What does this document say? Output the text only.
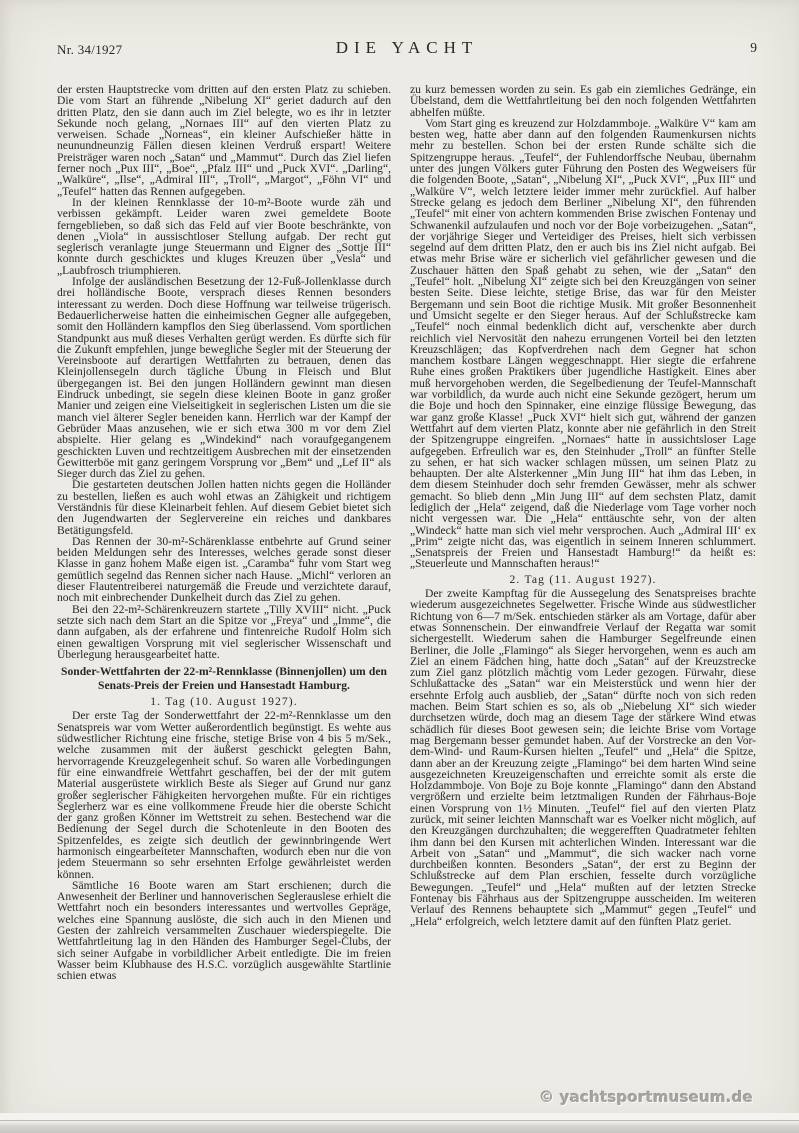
Nr. 34/1927	DIE YACHT	9

der ersten Hauptstrecke vom dritten auf den ersten Platz zu schieben. Die vom Start an führende „Nibelung XI“ geriet dadurch auf den dritten Platz, den sie dann auch im Ziel belegte, wo es ihr in letzter Sekunde noch gelang, „Nornaes III“ auf den vierten Platz zu verweisen. Schade „Norneas“, ein kleiner Aufschießer hätte in neunundneunzig Fällen diesen kleinen Verdruß erspart! Weitere Preisträger waren noch „Satan“ und „Mammut“. Durch das Ziel liefen ferner noch „Pux III“, „Boe“, „Pfalz III“ und „Puck XVI“. „Darling“, „Walküre“, „Ilse“, „Admiral III“, „Troll“, „Margot“, „Föhn VI“ und „Teufel“ hatten das Rennen aufgegeben.

In der kleinen Rennklasse der 10-m²-Boote wurde zäh und verbissen gekämpft. Leider waren zwei gemeldete Boote ferngeblieben, so daß sich das Feld auf vier Boote beschränkte, von denen „Viola“ in aussischtloser Stellung aufgab. Der recht gut seglerisch veranlagte junge Steuermann und Eigner des „Sottje III“ konnte durch geschicktes und kluges Kreuzen über „Vesla“ und „Laubfrosch triumphieren.

Infolge der ausländischen Besetzung der 12-Fuß-Jollenklasse durch drei holländische Boote, versprach dieses Rennen besonders interessant zu werden. Doch diese Hoffnung war teilweise trügerisch. Bedauerlicherweise hatten die einheimischen Gegner alle aufgegeben, somit den Holländern kampflos den Sieg überlassend. Vom sportlichen Standpunkt aus muß dieses Verhalten gerügt werden. Es dürfte sich für die Zukunft empfehlen, junge bewegliche Segler mit der Steuerung der Vereinsboote auf derartigen Wettfahrten zu betrauen, denen das Kleinjollensegeln durch tägliche Übung in Fleisch und Blut übergegangen ist. Bei den jungen Holländern gewinnt man diesen Eindruck unbedingt, sie segeln diese kleinen Boote in ganz großer Manier und zeigen eine Vielseitigkeit in seglerischen Listen um die sie manch viel älterer Segler beneiden kann. Herrlich war der Kampf der Gebrüder Maas anzusehen, wie er sich etwa 300 m vor dem Ziel abspielte. Hier gelang es „Windekind“ nach voraufgegangenem geschickten Luven und rechtzeitigem Ausbrechen mit der einsetzenden Gewitterböe mit ganz geringem Vorsprung vor „Bem“ und „Lef II“ als Sieger durch das Ziel zu gehen.

Die gestarteten deutschen Jollen hatten nichts gegen die Holländer zu bestellen, ließen es auch wohl etwas an Zähigkeit und richtigem Verständnis für diese Kleinarbeit fehlen. Auf diesem Gebiet bietet sich den Jugendwarten der Seglervereine ein reiches und dankbares Betätigungsfeld.

Das Rennen der 30-m²-Schärenklasse entbehrte auf Grund seiner beiden Meldungen sehr des Interesses, welches gerade sonst dieser Klasse in ganz hohem Maße eigen ist. „Caramba“ fuhr vom Start weg gemütlich segelnd das Rennen sicher nach Hause. „Michl“ verloren an dieser Flautentreiberei naturgemäß die Freude und verzichtete darauf, noch mit einbrechender Dunkelheit durch das Ziel zu gehen.

Bei den 22-m²-Schärenkreuzern startete „Tilly XVIII“ nicht. „Puck setzte sich nach dem Start an die Spitze vor „Freya“ und „Imme“, die dann aufgaben, als der erfahrene und fintenreiche Rudolf Holm sich einen gewaltigen Vorsprung mit viel seglerischer Wissenschaft und Überlegung herausgearbeitet hatte.

Sonder-Wettfahrten der 22-m²-Rennklasse (Binnenjollen) um den Senats-Preis der Freien und Hansestadt Hamburg.
1. Tag (10. August 1927).

Der erste Tag der Sonderwettfahrt der 22-m²-Rennklasse um den Senatspreis war vom Wetter außerordentlich begünstigt. Es wehte aus südwestlicher Richtung eine frische, stetige Brise von 4 bis 5 m/Sek., welche zusammen mit der äußerst geschickt gelegten Bahn, hervorragende Kreuzgelegenheit schuf. So waren alle Vorbedingungen für eine einwandfreie Wettfahrt geschaffen, bei der der mit gutem Material ausgerüstete wirklich Beste als Sieger auf Grund nur ganz großer seglerischer Fähigkeiten hervorgehen mußte. Für ein richtiges Seglerherz war es eine vollkommene Freude hier die oberste Schicht der ganz großen Könner im Wettstreit zu sehen. Bestechend war die Bedienung der Segel durch die Schotenleute in den Booten des Spitzenfeldes, es zeigte sich deutlich der gewinnbringende Wert harmonisch eingearbeiteter Mannschaften, wodurch eben nur die von jedem Steuermann so sehr ersehnten Erfolge gewährleistet werden können.

Sämtliche 16 Boote waren am Start erschienen; durch die Anwesenheit der Berliner und hannoverischen Seglerauslese erhielt die Wettfahrt noch ein besonders interessantes und wertvolles Gepräge, welches eine Spannung auslöste, die sich auch in den Mienen und Gesten der zahlreich versammelten Zuschauer wiederspiegelte. Die Wettfahrtleitung lag in den Händen des Hamburger Segel-Clubs, der sich seiner Aufgabe in vorbildlicher Arbeit entledigte. Die im freien Wasser beim Klubhause des H.S.C. vorzüglich ausgewählte Startlinie schien etwas

zu kurz bemessen worden zu sein. Es gab ein ziemliches Gedränge, ein Übelstand, dem die Wettfahrtleitung bei den noch folgenden Wettfahrten abhelfen müßte.

Vom Start ging es kreuzend zur Holzdammboje. „Walküre V“ kam am besten weg, hatte aber dann auf den folgenden Raumenkursen nichts mehr zu bestellen. Schon bei der ersten Runde schälte sich die Spitzengruppe heraus. „Teufel“, der Fuhlendorffsche Neubau, übernahm unter des jungen Völkers guter Führung den Posten des Wegweisers für die folgenden Boote, „Satan“, „Nibelung XI“, „Puck XVI“, „Pux III“ und „Walküre V“, welch letztere leider immer mehr zurückfiel. Auf halber Strecke gelang es jedoch dem Berliner „Nibelung XI“, den führenden „Teufel“ mit einer von achtern kommenden Brise zwischen Fontenay und Schwanenkil aufzulaufen und noch vor der Boje vorbeizugehen. „Satan“, der vorjährige Sieger und Verteidiger des Preises, hielt sich verbissen segelnd auf dem dritten Platz, den er auch bis ins Ziel nicht aufgab. Bei etwas mehr Brise wäre er sicherlich viel gefährlicher gewesen und die Zuschauer hätten den Spaß gehabt zu sehen, wie der „Satan“ den „Teufel“ holt. „Nibelung XI“ zeigte sich bei den Kreuzgängen von seiner besten Seite. Diese leichte, stetige Brise, das war für den Meister Bergemann und sein Boot die richtige Musik. Mit großer Besonnenheit und Umsicht segelte er den Sieger heraus. Auf der Schlußstrecke kam „Teufel“ noch einmal bedenklich dicht auf, verschenkte aber durch reichlich viel Nervosität den nahezu errungenen Vorteil bei den letzten Kreuzschlägen; das Kopfverdrehen nach dem Gegner hat schon manchem kostbare Längen weggeschnappt. Hier siegte die erfahrene Ruhe eines großen Praktikers über jugendliche Hastigkeit. Eines aber muß hervorgehoben werden, die Segelbedienung der Teufel-Mannschaft war vorbildlich, da wurde auch nicht eine Sekunde gezögert, herum um die Boje und hoch den Spinnaker, eine einzige flüssige Bewegung, das war ganz große Klasse! „Puck XVI“ hielt sich gut, während der ganzen Wettfahrt auf dem vierten Platz, konnte aber nie gefährlich in den Streit der Spitzengruppe eingreifen. „Nornaes“ hatte in aussichtsloser Lage aufgegeben. Erfreulich war es, den Steinhuder „Troll“ an fünfter Stelle zu sehen, er hat sich wacker schlagen müssen, um seinen Platz zu behaupten. Der alte Alsterkenner „Min Jung III“ hat ihm das Leben, in dem diesem Steinhuder doch sehr fremden Gewässer, mehr als schwer gemacht. So blieb denn „Min Jung III“ auf dem sechsten Platz, damit lediglich der „Hela“ zeigend, daß die Niederlage vom Tage vorher noch nicht vergessen war. Die „Hela“ enttäuschte sehr, von der alten „Windeck“ hatte man sich viel mehr versprochen. Auch „Admiral III‘ ex „Prim“ zeigte nicht das, was eigentlich in seinem Inneren schlummert. „Senatspreis der Freien und Hansestadt Hamburg!“ da heißt es: „Steuerleute und Mannschaften heraus!“

2. Tag (11. August 1927).

Der zweite Kampftag für die Aussegelung des Senatspreises brachte wiederum ausgezeichnetes Segelwetter. Frische Winde aus südwestlicher Richtung von 6—7 m/Sek. entschieden stärker als am Vortage, dafür aber etwas Sonnenschein. Der einwandfreie Verlauf der Regatta war somit sichergestellt. Wiederum sahen die Hamburger Segelfreunde einen Berliner, die Jolle „Flamingo“ als Sieger hervorgehen, wenn es auch am Ziel an einem Fädchen hing, hatte doch „Satan“ auf der Kreuzstrecke zum Ziel ganz plötzlich mächtig vom Leder gezogen. Fürwahr, diese Schlußattacke des „Satan“ war ein Meisterstück und wenn hier der ersehnte Erfolg auch ausblieb, der „Satan“ dürfte noch von sich reden machen. Beim Start schien es so, als ob „Niebelung XI“ sich wieder durchsetzen würde, doch mag an diesem Tage der stärkere Wind etwas schädlich für dieses Boot gewesen sein; die leichte Brise vom Vortage mag Bergemann besser gemundet haben. Auf der Vorstrecke an den Vor-dem-Wind- und Raum-Kursen hielten „Teufel“ und „Hela“ die Spitze, dann aber an der Kreuzung zeigte „Flamingo“ bei dem harten Wind seine ausgezeichneten Kreuzeigenschaften und erreichte somit als erste die Holzdammboje. Von Boje zu Boje konnte „Flamingo“ dann den Abstand vergrößern und erzielte beim letztmaligen Runden der Fährhaus-Boje einen Vorsprung von 1½ Minuten. „Teufel“ fiel auf den vierten Platz zurück, mit seiner leichten Mannschaft war es Voelker nicht möglich, auf den Kreuzgängen durchzuhalten; die weggerefften Quadratmeter fehlten ihm dann bei den Kursen mit achterlichen Winden. Interessant war die Arbeit von „Satan“ und „Mammut“, die sich wacker nach vorne durchbeißen konnten. Besonders „Satan“, der erst zu Beginn der Schlußstrecke auf dem Plan erschien, fesselte durch vorzügliche Bewegungen. „Teufel“ und „Hela“ mußten auf der letzten Strecke Fontenay bis Fährhaus aus der Spitzengruppe ausscheiden. Im weiteren Verlauf des Rennens behauptete sich „Mammut“ gegen „Teufel“ und „Hela“ erfolgreich, welch letztere damit auf den fünften Platz geriet.

© yachtsportmuseum.de
